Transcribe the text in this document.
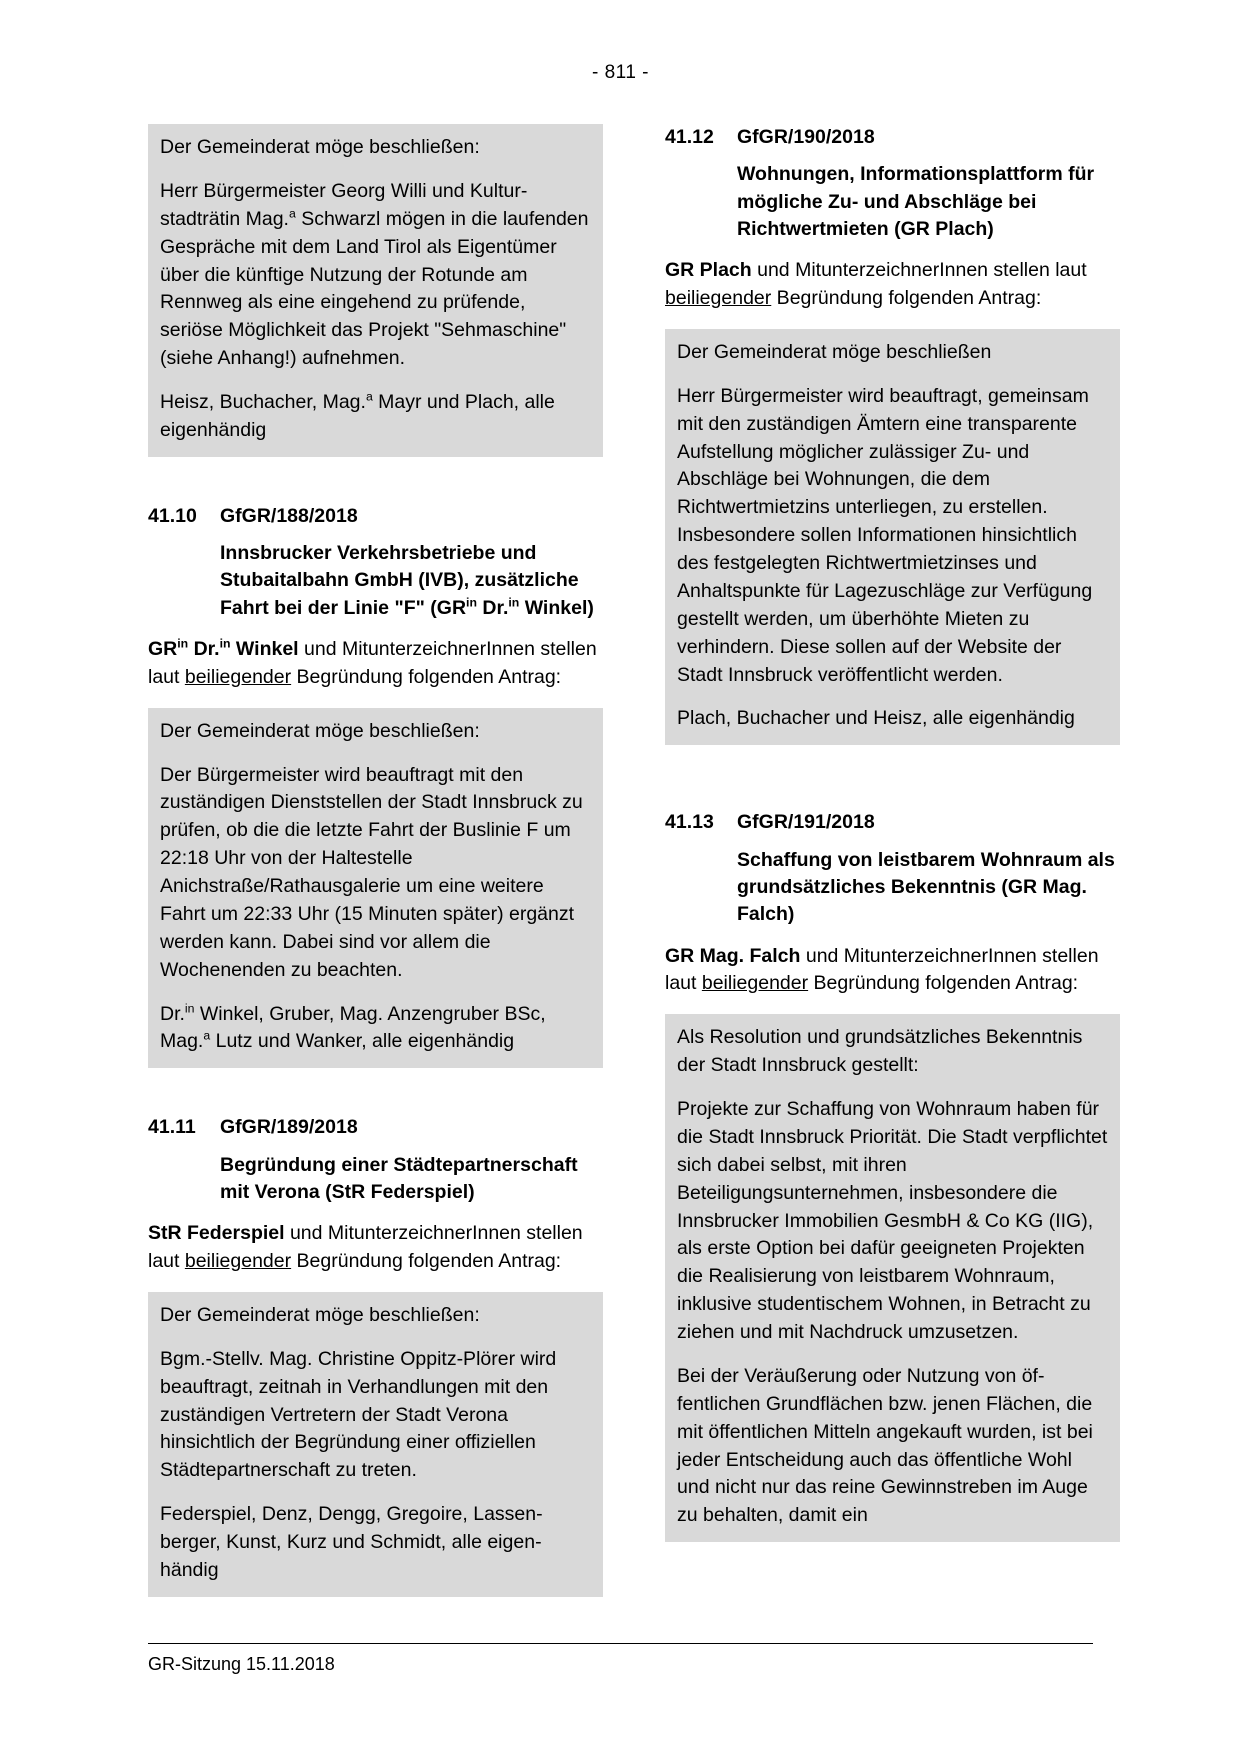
- 811 -

Der Gemeinderat möge beschließen:

Herr Bürgermeister Georg Willi und Kulturstadträtin Mag.$^a$ Schwarzl mögen in die laufenden Gespräche mit dem Land Tirol als Eigentümer über die künftige Nutzung der Rotunde am Rennweg als eine eingehend zu prüfende, seriöse Möglichkeit das Projekt "Sehmaschine" (siehe Anhang!) aufnehmen.

Heisz, Buchacher, Mag.$^a$ Mayr und Plach, alle eigenhändig

41.10	GfGR/188/2018
Innsbrucker Verkehrsbetriebe und Stubaitalbahn GmbH (IVB), zusätzliche Fahrt bei der Linie "F" ($GR^{in}$ Dr.$^{in}$ Winkel)

$GR^{in}$ Dr.$^{in}$ Winkel und MitunterzeichnerInnen stellen laut beiliegender Begründung folgenden Antrag:

Der Gemeinderat möge beschließen:

Der Bürgermeister wird beauftragt mit den zuständigen Dienststellen der Stadt Innsbruck zu prüfen, ob die die letzte Fahrt der Buslinie F um 22:18 Uhr von der Haltestelle Anichstraße/Rathausgalerie um eine weitere Fahrt um 22:33 Uhr (15 Minuten später) ergänzt werden kann. Dabei sind vor allem die Wochenenden zu beachten.

Dr.$^{in}$ Winkel, Gruber, Mag. Anzengruber BSc, Mag.$^a$ Lutz und Wanker, alle eigenhändig

41.11	GfGR/189/2018
Begründung einer Städtepartnerschaft mit Verona (StR Federspiel)

StR Federspiel und MitunterzeichnerInnen stellen laut beiliegender Begründung folgenden Antrag:

Der Gemeinderat möge beschließen:

Bgm.-Stellv. Mag. Christine Oppitz-Plörer wird beauftragt, zeitnah in Verhandlungen mit den zuständigen Vertretern der Stadt Verona hinsichtlich der Begründung einer offiziellen Städtepartnerschaft zu treten.

Federspiel, Denz, Dengg, Gregoire, Lassenberger, Kunst, Kurz und Schmidt, alle eigenhändig

41.12	GfGR/190/2018
Wohnungen, Informationsplattform für mögliche Zu- und Abschläge bei Richtwertmieten (GR Plach)

GR Plach und MitunterzeichnerInnen stellen laut beiliegender Begründung folgenden Antrag:

Der Gemeinderat möge beschließen

Herr Bürgermeister wird beauftragt, gemeinsam mit den zuständigen Ämtern eine transparente Aufstellung möglicher zulässiger Zu- und Abschläge bei Wohnungen, die dem Richtwertmietzins unterliegen, zu erstellen. Insbesondere sollen Informationen hinsichtlich des festgelegten Richtwertmietzinses und Anhaltspunkte für Lagezuschläge zur Verfügung gestellt werden, um überhöhte Mieten zu verhindern. Diese sollen auf der Website der Stadt Innsbruck veröffentlicht werden.

Plach, Buchacher und Heisz, alle eigenhändig

41.13	GfGR/191/2018
Schaffung von leistbarem Wohnraum als grundsätzliches Bekenntnis (GR Mag. Falch)

GR Mag. Falch und MitunterzeichnerInnen stellen laut beiliegender Begründung folgenden Antrag:

Als Resolution und grundsätzliches Bekenntnis der Stadt Innsbruck gestellt:

Projekte zur Schaffung von Wohnraum haben für die Stadt Innsbruck Priorität. Die Stadt verpflichtet sich dabei selbst, mit ihren Beteiligungsunternehmen, insbesondere die Innsbrucker Immobilien GesmbH & Co KG (IIG), als erste Option bei dafür geeigneten Projekten die Realisierung von leistbarem Wohnraum, inklusive studentischem Wohnen, in Betracht zu ziehen und mit Nachdruck umzusetzen.

Bei der Veräußerung oder Nutzung von öffentlichen Grundflächen bzw. jenen Flächen, die mit öffentlichen Mitteln angekauft wurden, ist bei jeder Entscheidung auch das öffentliche Wohl und nicht nur das reine Gewinnstreben im Auge zu behalten, damit ein

GR-Sitzung 15.11.2018
